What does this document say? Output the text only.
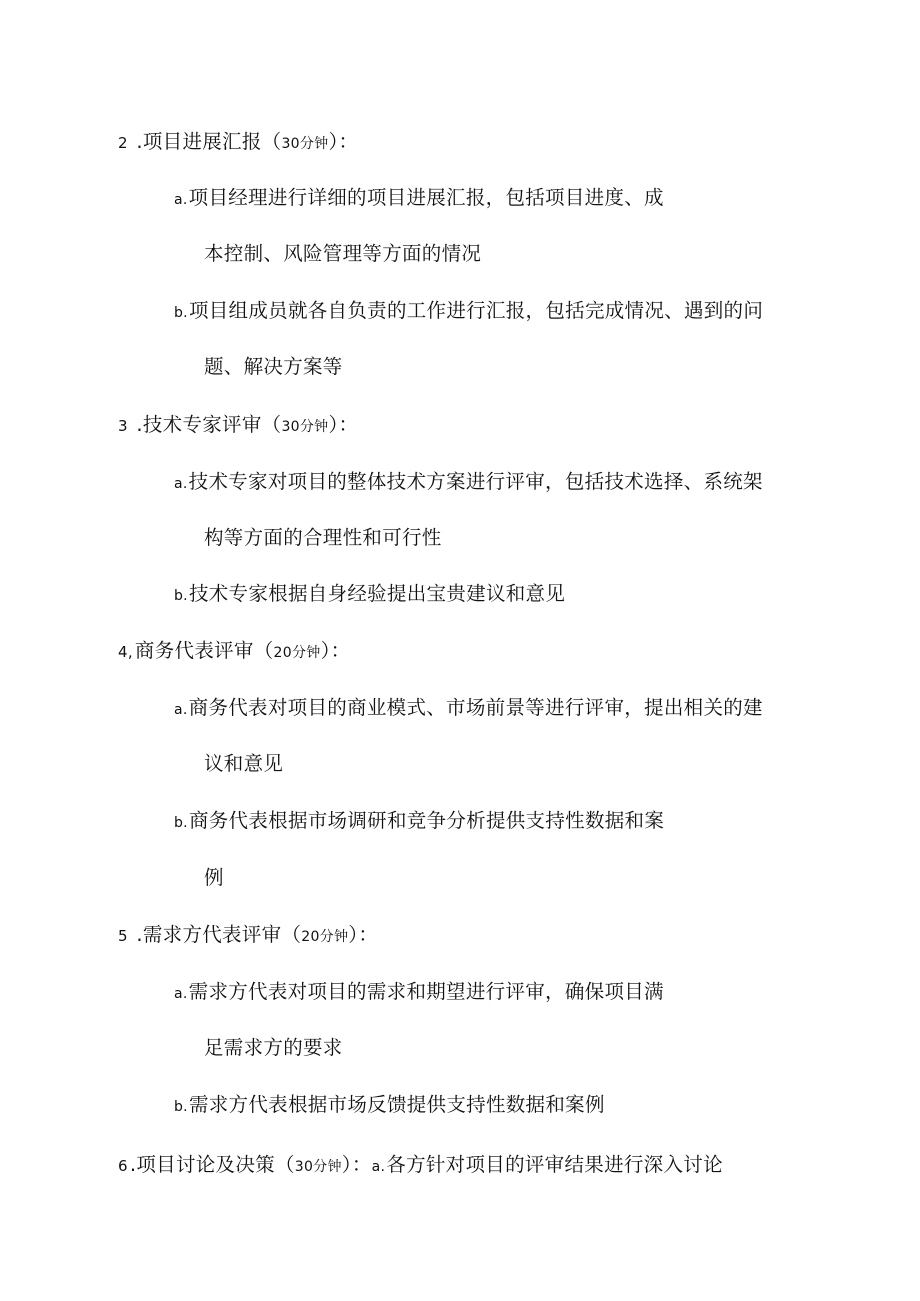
2 .项目进展汇报（30分钟）：
a.项目经理进行详细的项目进展汇报，包括项目进度、成
本控制、风险管理等方面的情况
b.项目组成员就各自负责的工作进行汇报，包括完成情况、遇到的问
题、解决方案等
3 .技术专家评审（30分钟）：
a.技术专家对项目的整体技术方案进行评审，包括技术选择、系统架
构等方面的合理性和可行性
b.技术专家根据自身经验提出宝贵建议和意见
4, 商务代表评审（20分钟）：
a.商务代表对项目的商业模式、市场前景等进行评审，提出相关的建
议和意见
b.商务代表根据市场调研和竞争分析提供支持性数据和案
例
5 .需求方代表评审（20分钟）：
a.需求方代表对项目的需求和期望进行评审，确保项目满
足需求方的要求
b.需求方代表根据市场反馈提供支持性数据和案例
6 .项目讨论及决策（30分钟）：a.各方针对项目的评审结果进行深入讨论
